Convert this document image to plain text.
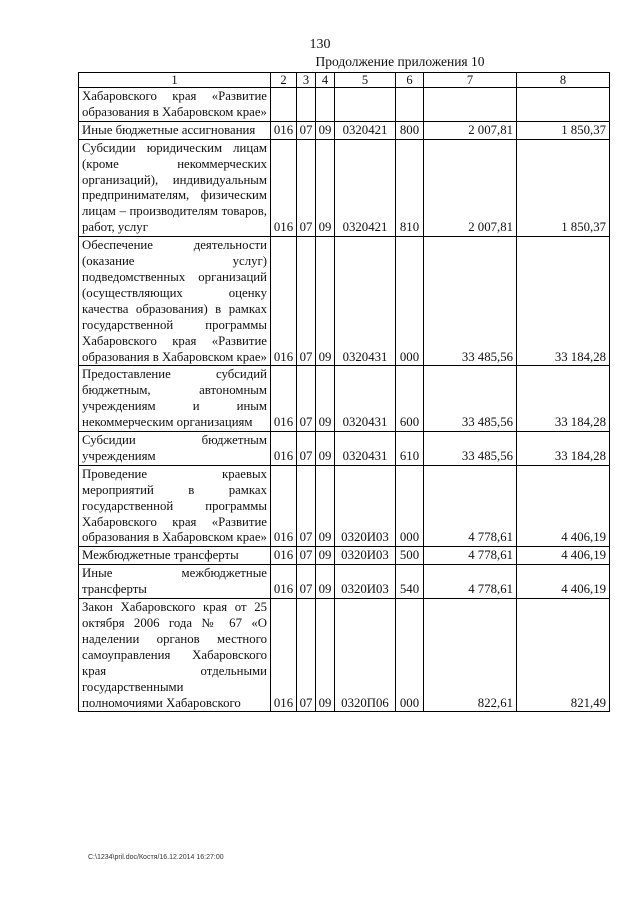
130
Продолжение приложения 10
1	2	3	4	5	6	7	8
Хабаровского края «Развитие образования в Хабаровском крае»							
Иные бюджетные ассигнования	016	07	09	0320421	800	2 007,81	1 850,37
Субсидии юридическим лицам (кроме некоммерческих организаций), индивидуальным предпринимателям, физическим лицам – производителям товаров, работ, услуг	016	07	09	0320421	810	2 007,81	1 850,37
Обеспечение деятельности (оказание услуг) подведомственных организаций (осуществляющих оценку качества образования) в рамках государственной программы Хабаровского края «Развитие образования в Хабаровском крае»	016	07	09	0320431	000	33 485,56	33 184,28
Предоставление субсидий бюджетным, автономным учреждениям и иным некоммерческим организациям	016	07	09	0320431	600	33 485,56	33 184,28
Субсидии бюджетным учреждениям	016	07	09	0320431	610	33 485,56	33 184,28
Проведение краевых мероприятий в рамках государственной программы Хабаровского края «Развитие образования в Хабаровском крае»	016	07	09	0320И03	000	4 778,61	4 406,19
Межбюджетные трансферты	016	07	09	0320И03	500	4 778,61	4 406,19
Иные межбюджетные трансферты	016	07	09	0320И03	540	4 778,61	4 406,19
Закон Хабаровского края от 25 октября 2006 года № 67 «О наделении органов местного самоуправления Хабаровского края отдельными государственными полномочиями Хабаровского	016	07	09	0320П06	000	822,61	821,49
C:\1234\pril.doc/Костя/16.12.2014 16:27:00
